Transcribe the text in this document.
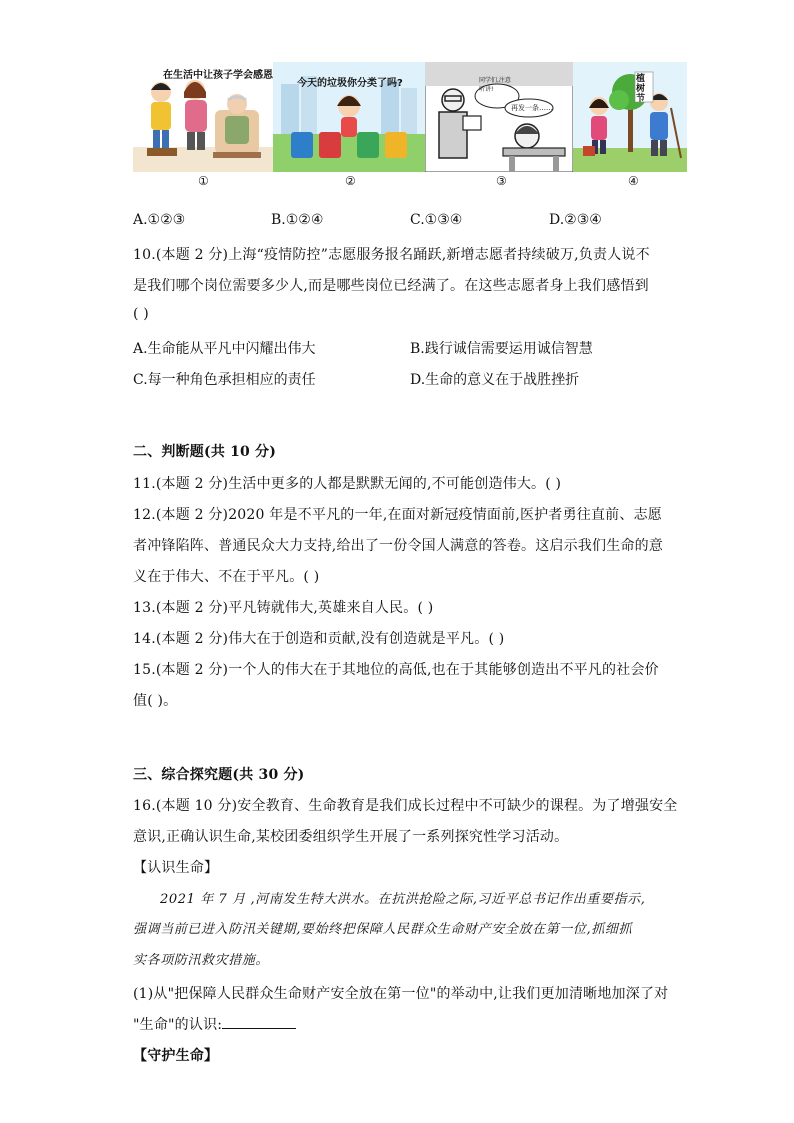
在生活中让孩子学会感恩
今天的垃圾你分类了吗?	同学们,注意听讲!
再发一条……
植树节
①	②	③	④
A.①②③	B.①②④	C.①③④	D.②③④
10.(本题 2 分)上海“疫情防控”志愿服务报名踊跃,新增志愿者持续破万,负责人说不
是我们哪个岗位需要多少人,而是哪些岗位已经满了。在这些志愿者身上我们感悟到
( )
A.生命能从平凡中闪耀出伟大	B.践行诚信需要运用诚信智慧
C.每一种角色承担相应的责任	D.生命的意义在于战胜挫折
二、判断题(共 10 分)
11.(本题 2 分)生活中更多的人都是默默无闻的,不可能创造伟大。( )
12.(本题 2 分)2020 年是不平凡的一年,在面对新冠疫情面前,医护者勇往直前、志愿
者冲锋陷阵、普通民众大力支持,给出了一份令国人满意的答卷。这启示我们生命的意
义在于伟大、不在于平凡。( )
13.(本题 2 分)平凡铸就伟大,英雄来自人民。( )
14.(本题 2 分)伟大在于创造和贡献,没有创造就是平凡。( )
15.(本题 2 分)一个人的伟大在于其地位的高低,也在于其能够创造出不平凡的社会价
值( )。
三、综合探究题(共 30 分)
16.(本题 10 分)安全教育、生命教育是我们成长过程中不可缺少的课程。为了增强安全
意识,正确认识生命,某校团委组织学生开展了一系列探究性学习活动。
【认识生命】
2021 年 7 月 ,河南发生特大洪水。在抗洪抢险之际,习近平总书记作出重要指示,
强调当前已进入防汛关键期,要始终把保障人民群众生命财产安全放在第一位,抓细抓
实各项防汛救灾措施。
(1)从"把保障人民群众生命财产安全放在第一位"的举动中,让我们更加清晰地加深了对
"生命"的认识:
【守护生命】
